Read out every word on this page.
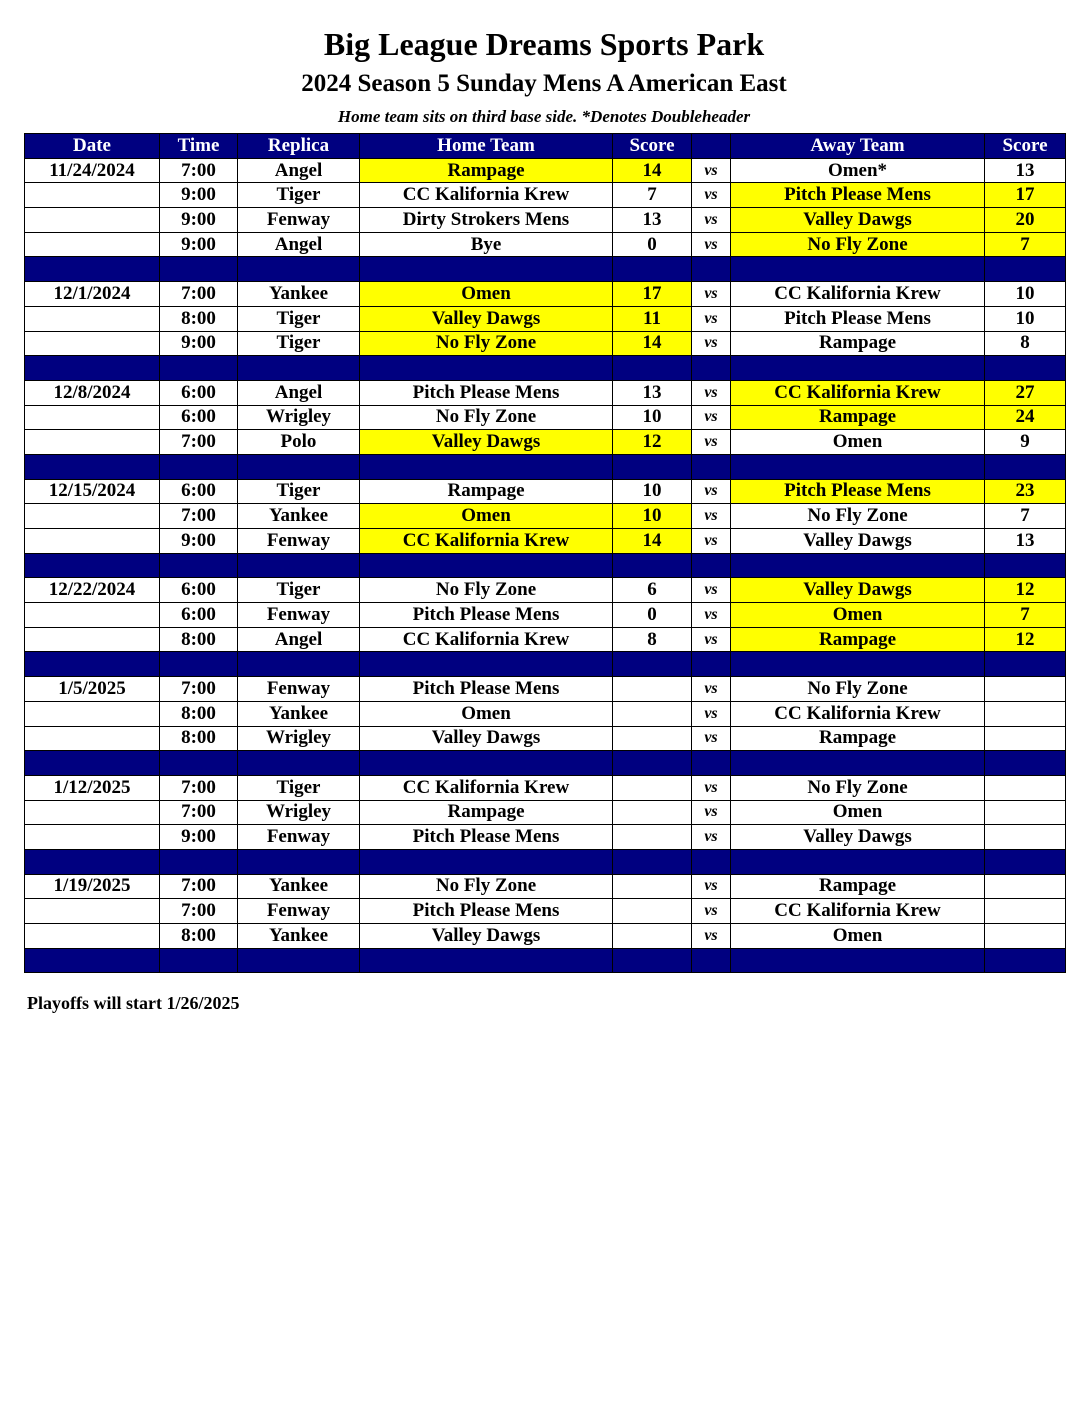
Big League Dreams Sports Park
2024 Season 5 Sunday Mens A American East
Home team sits on third base side. *Denotes Doubleheader
Date	Time	Replica	Home Team	Score		Away Team	Score
11/24/2024	7:00	Angel	Rampage	14	vs	Omen*	13
	9:00	Tiger	CC Kalifornia Krew	7	vs	Pitch Please Mens	17
	9:00	Fenway	Dirty Strokers Mens	13	vs	Valley Dawgs	20
	9:00	Angel	Bye	0	vs	No Fly Zone	7

12/1/2024	7:00	Yankee	Omen	17	vs	CC Kalifornia Krew	10
	8:00	Tiger	Valley Dawgs	11	vs	Pitch Please Mens	10
	9:00	Tiger	No Fly Zone	14	vs	Rampage	8

12/8/2024	6:00	Angel	Pitch Please Mens	13	vs	CC Kalifornia Krew	27
	6:00	Wrigley	No Fly Zone	10	vs	Rampage	24
	7:00	Polo	Valley Dawgs	12	vs	Omen	9

12/15/2024	6:00	Tiger	Rampage	10	vs	Pitch Please Mens	23
	7:00	Yankee	Omen	10	vs	No Fly Zone	7
	9:00	Fenway	CC Kalifornia Krew	14	vs	Valley Dawgs	13

12/22/2024	6:00	Tiger	No Fly Zone	6	vs	Valley Dawgs	12
	6:00	Fenway	Pitch Please Mens	0	vs	Omen	7
	8:00	Angel	CC Kalifornia Krew	8	vs	Rampage	12

1/5/2025	7:00	Fenway	Pitch Please Mens		vs	No Fly Zone	
	8:00	Yankee	Omen		vs	CC Kalifornia Krew	
	8:00	Wrigley	Valley Dawgs		vs	Rampage	

1/12/2025	7:00	Tiger	CC Kalifornia Krew		vs	No Fly Zone	
	7:00	Wrigley	Rampage		vs	Omen	
	9:00	Fenway	Pitch Please Mens		vs	Valley Dawgs	

1/19/2025	7:00	Yankee	No Fly Zone		vs	Rampage	
	7:00	Fenway	Pitch Please Mens		vs	CC Kalifornia Krew	
	8:00	Yankee	Valley Dawgs		vs	Omen	

Playoffs will start 1/26/2025
